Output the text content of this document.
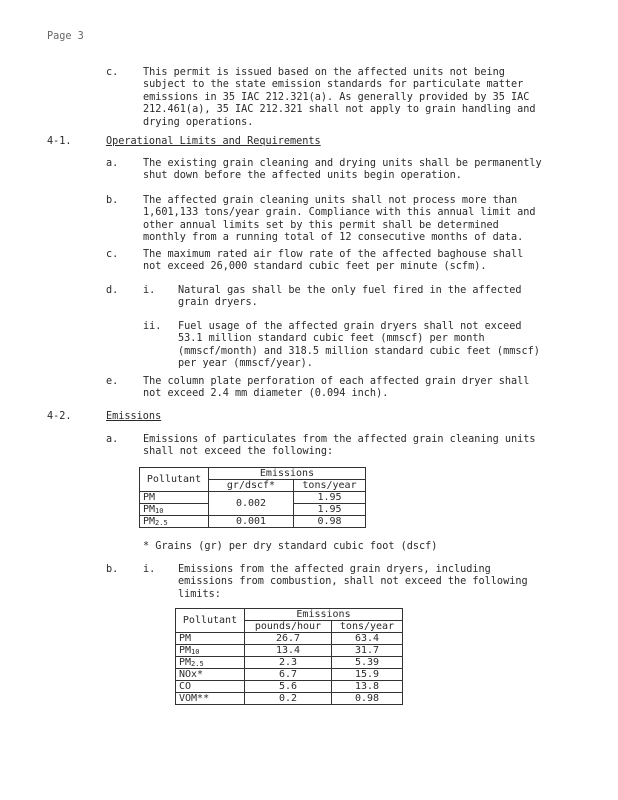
Page 3
c. This permit is issued based on the affected units not being
subject to the state emission standards for particulate matter
emissions in 35 IAC 212.321(a). As generally provided by 35 IAC
212.461(a), 35 IAC 212.321 shall not apply to grain handling and
drying operations.
4-1.	Operational Limits and Requirements
a. The existing grain cleaning and drying units shall be permanently
shut down before the affected units begin operation.
b. The affected grain cleaning units shall not process more than
1,601,133 tons/year grain. Compliance with this annual limit and
other annual limits set by this permit shall be determined
monthly from a running total of 12 consecutive months of data.
c. The maximum rated air flow rate of the affected baghouse shall
not exceed 26,000 standard cubic feet per minute (scfm).
d. i. Natural gas shall be the only fuel fired in the affected
grain dryers.
ii. Fuel usage of the affected grain dryers shall not exceed
53.1 million standard cubic feet (mmscf) per month
(mmscf/month) and 318.5 million standard cubic feet (mmscf)
per year (mmscf/year).
e. The column plate perforation of each affected grain dryer shall
not exceed 2.4 mm diameter (0.094 inch).
4-2.	Emissions
a. Emissions of particulates from the affected grain cleaning units
shall not exceed the following:
Pollutant	Emissions	
	gr/dscf*	tons/year
PM	0.002	1.95
$PM_{10}$		1.95
$PM_{2.5}$	0.001	0.98
* Grains (gr) per dry standard cubic foot (dscf)
b. i. Emissions from the affected grain dryers, including
emissions from combustion, shall not exceed the following
limits:
Pollutant	Emissions	
	pounds/hour	tons/year
PM	26.7	63.4
$PM_{10}$	13.4	31.7
$PM_{2.5}$	2.3	5.39
NOx*	6.7	15.9
CO	5.6	13.8
VOM**	0.2	0.98
